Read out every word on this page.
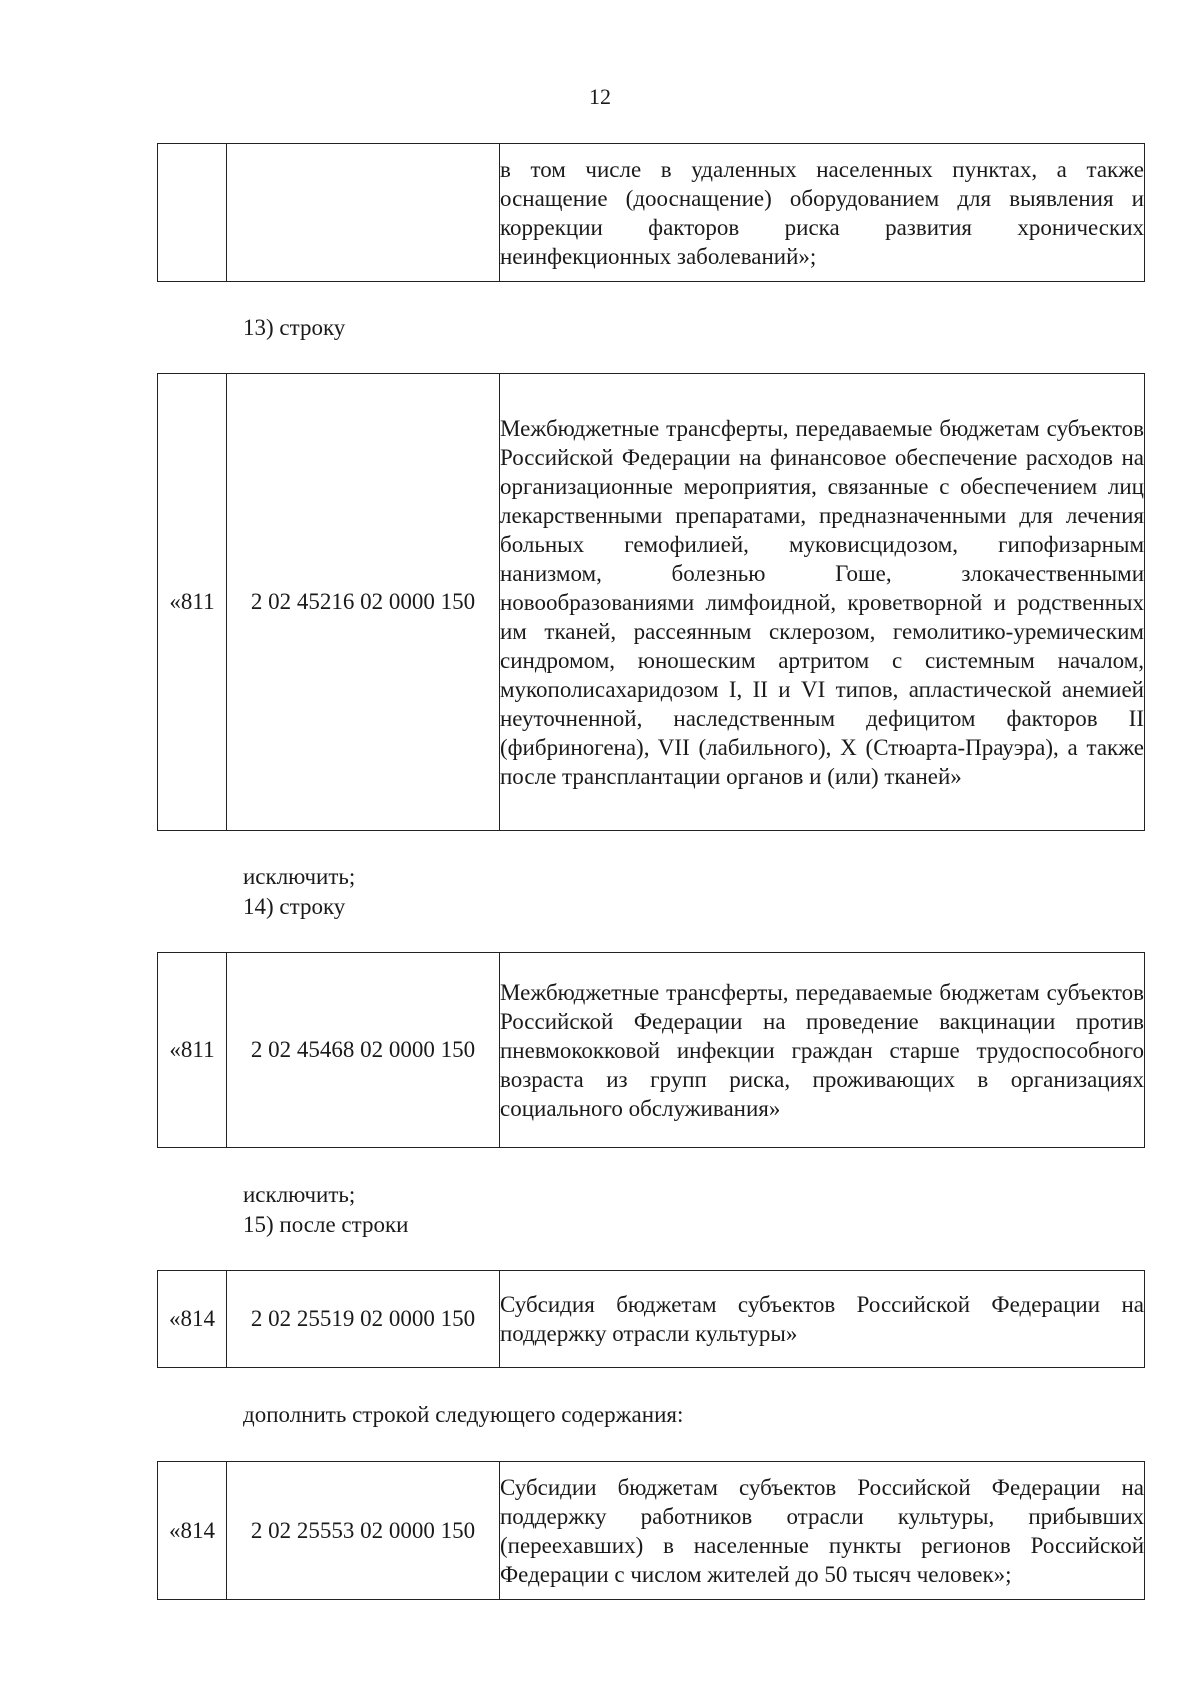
12
		в том числе в удаленных населенных пунктах, а также оснащение (дооснащение) оборудованием для выявления и коррекции факторов риска развития хронических неинфекционных заболеваний»;

13) строку

«811	2 02 45216 02 0000 150	Межбюджетные трансферты, передаваемые бюджетам субъектов Российской Федерации на финансовое обеспечение расходов на организационные мероприятия, связанные с обеспечением лиц лекарственными препаратами, предназначенными для лечения больных гемофилией, муковисцидозом, гипофизарным нанизмом, болезнью Гоше, злокачественными новообразованиями лимфоидной, кроветворной и родственных им тканей, рассеянным склерозом, гемолитико-уремическим синдромом, юношеским артритом с системным началом, мукополисахаридозом I, II и VI типов, апластической анемией неуточненной, наследственным дефицитом факторов II (фибриногена), VII (лабильного), X (Стюарта-Прауэра), а также после трансплантации органов и (или) тканей»

исключить;

14) строку

«811	2 02 45468 02 0000 150	Межбюджетные трансферты, передаваемые бюджетам субъектов Российской Федерации на проведение вакцинации против пневмококковой инфекции граждан старше трудоспособного возраста из групп риска, проживающих в организациях социального обслуживания»

исключить;

15) после строки

«814	2 02 25519 02 0000 150	Субсидия бюджетам субъектов Российской Федерации на поддержку отрасли культуры»

дополнить строкой следующего содержания:

«814	2 02 25553 02 0000 150	Субсидии бюджетам субъектов Российской Федерации на поддержку работников отрасли культуры, прибывших (переехавших) в населенные пункты регионов Российской Федерации с числом жителей до 50 тысяч человек»;
